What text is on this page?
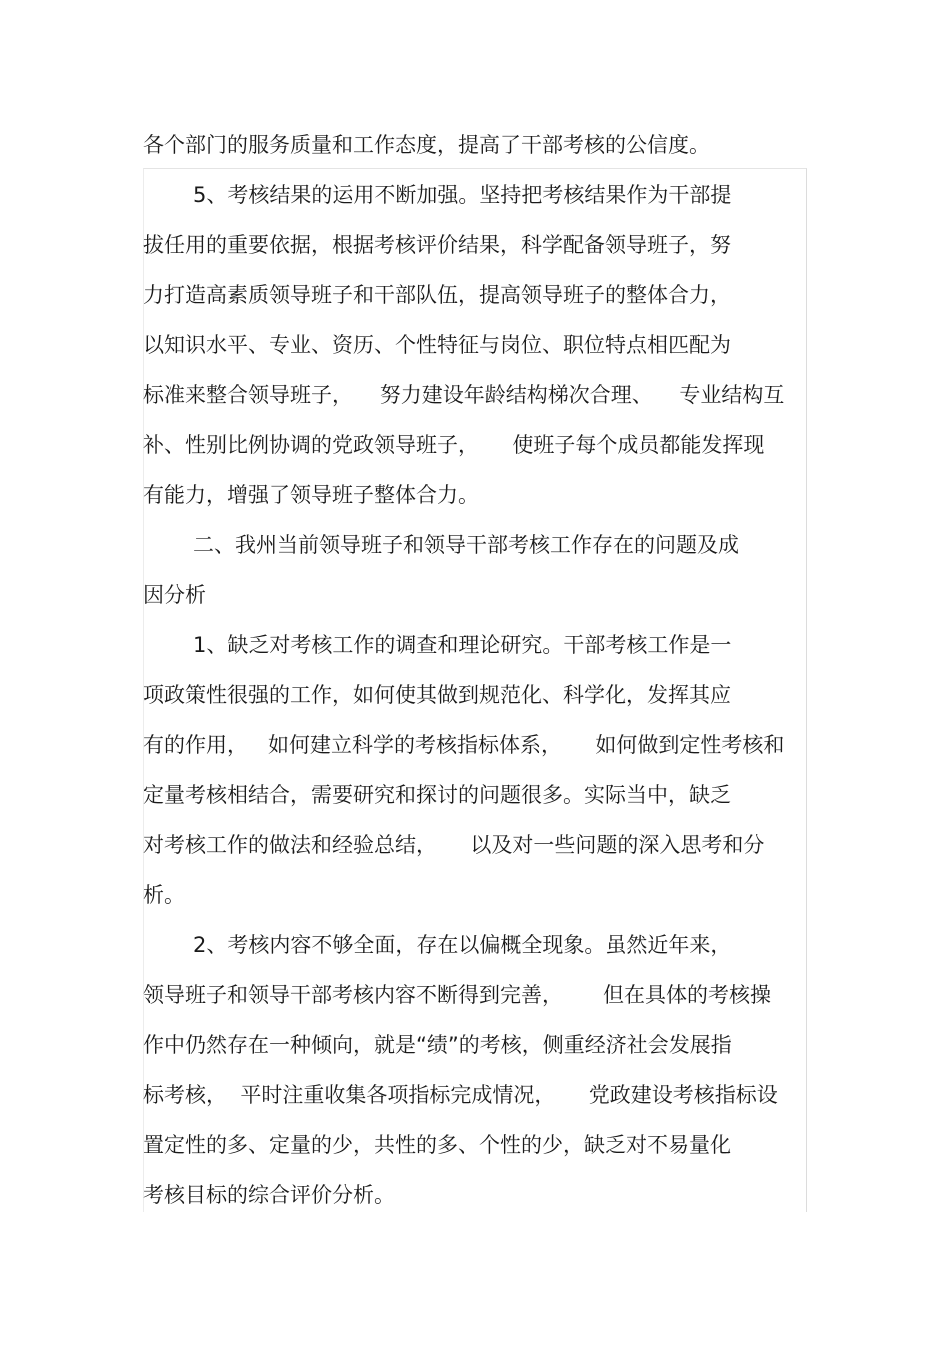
各个部门的服务质量和工作态度，提高了干部考核的公信度。
5、考核结果的运用不断加强。坚持把考核结果作为干部提
拔任用的重要依据，根据考核评价结果，科学配备领导班子，努
力打造高素质领导班子和干部队伍，提高领导班子的整体合力，
以知识水平、专业、资历、个性特征与岗位、职位特点相匹配为
标准来整合领导班子，    努力建设年龄结构梯次合理、    专业结构互
补、性别比例协调的党政领导班子，     使班子每个成员都能发挥现
有能力，增强了领导班子整体合力。
二、我州当前领导班子和领导干部考核工作存在的问题及成
因分析
1、缺乏对考核工作的调查和理论研究。干部考核工作是一
项政策性很强的工作，如何使其做到规范化、科学化，发挥其应
有的作用，   如何建立科学的考核指标体系，     如何做到定性考核和
定量考核相结合，需要研究和探讨的问题很多。实际当中，缺乏
对考核工作的做法和经验总结，     以及对一些问题的深入思考和分
析。
2、考核内容不够全面，存在以偏概全现象。虽然近年来，
领导班子和领导干部考核内容不断得到完善，      但在具体的考核操
作中仍然存在一种倾向，就是“绩”的考核，侧重经济社会发展指
标考核，  平时注重收集各项指标完成情况，     党政建设考核指标设
置定性的多、定量的少，共性的多、个性的少，缺乏对不易量化
考核目标的综合评价分析。
